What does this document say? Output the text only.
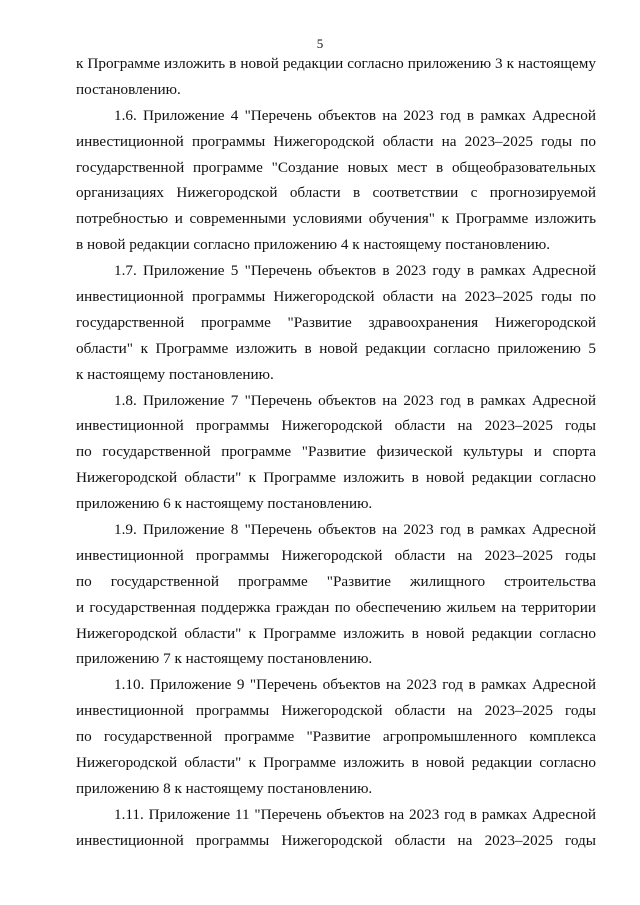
5
к Программе изложить в новой редакции согласно приложению 3 к настоящему
постановлению.
1.6. Приложение 4 "Перечень объектов на 2023 год в рамках Адресной
инвестиционной программы Нижегородской области на 2023–2025 годы по
государственной программе "Создание новых мест в общеобразовательных
организациях Нижегородской области в соответствии с прогнозируемой
потребностью и современными условиями обучения" к Программе изложить
в новой редакции согласно приложению 4 к настоящему постановлению.
1.7. Приложение 5 "Перечень объектов в 2023 году в рамках Адресной
инвестиционной программы Нижегородской области на 2023–2025 годы по
государственной программе "Развитие здравоохранения Нижегородской
области" к Программе изложить в новой редакции согласно приложению 5
к настоящему постановлению.
1.8. Приложение 7 "Перечень объектов на 2023 год в рамках Адресной
инвестиционной программы Нижегородской области на 2023–2025 годы
по государственной программе "Развитие физической культуры и спорта
Нижегородской области" к Программе изложить в новой редакции согласно
приложению 6 к настоящему постановлению.
1.9. Приложение 8 "Перечень объектов на 2023 год в рамках Адресной
инвестиционной программы Нижегородской области на 2023–2025 годы
по государственной программе "Развитие жилищного строительства
и государственная поддержка граждан по обеспечению жильем на территории
Нижегородской области" к Программе изложить в новой редакции согласно
приложению 7 к настоящему постановлению.
1.10. Приложение 9 "Перечень объектов на 2023 год в рамках Адресной
инвестиционной программы Нижегородской области на 2023–2025 годы
по государственной программе "Развитие агропромышленного комплекса
Нижегородской области" к Программе изложить в новой редакции согласно
приложению 8 к настоящему постановлению.
1.11. Приложение 11 "Перечень объектов на 2023 год в рамках Адресной
инвестиционной программы Нижегородской области на 2023–2025 годы
